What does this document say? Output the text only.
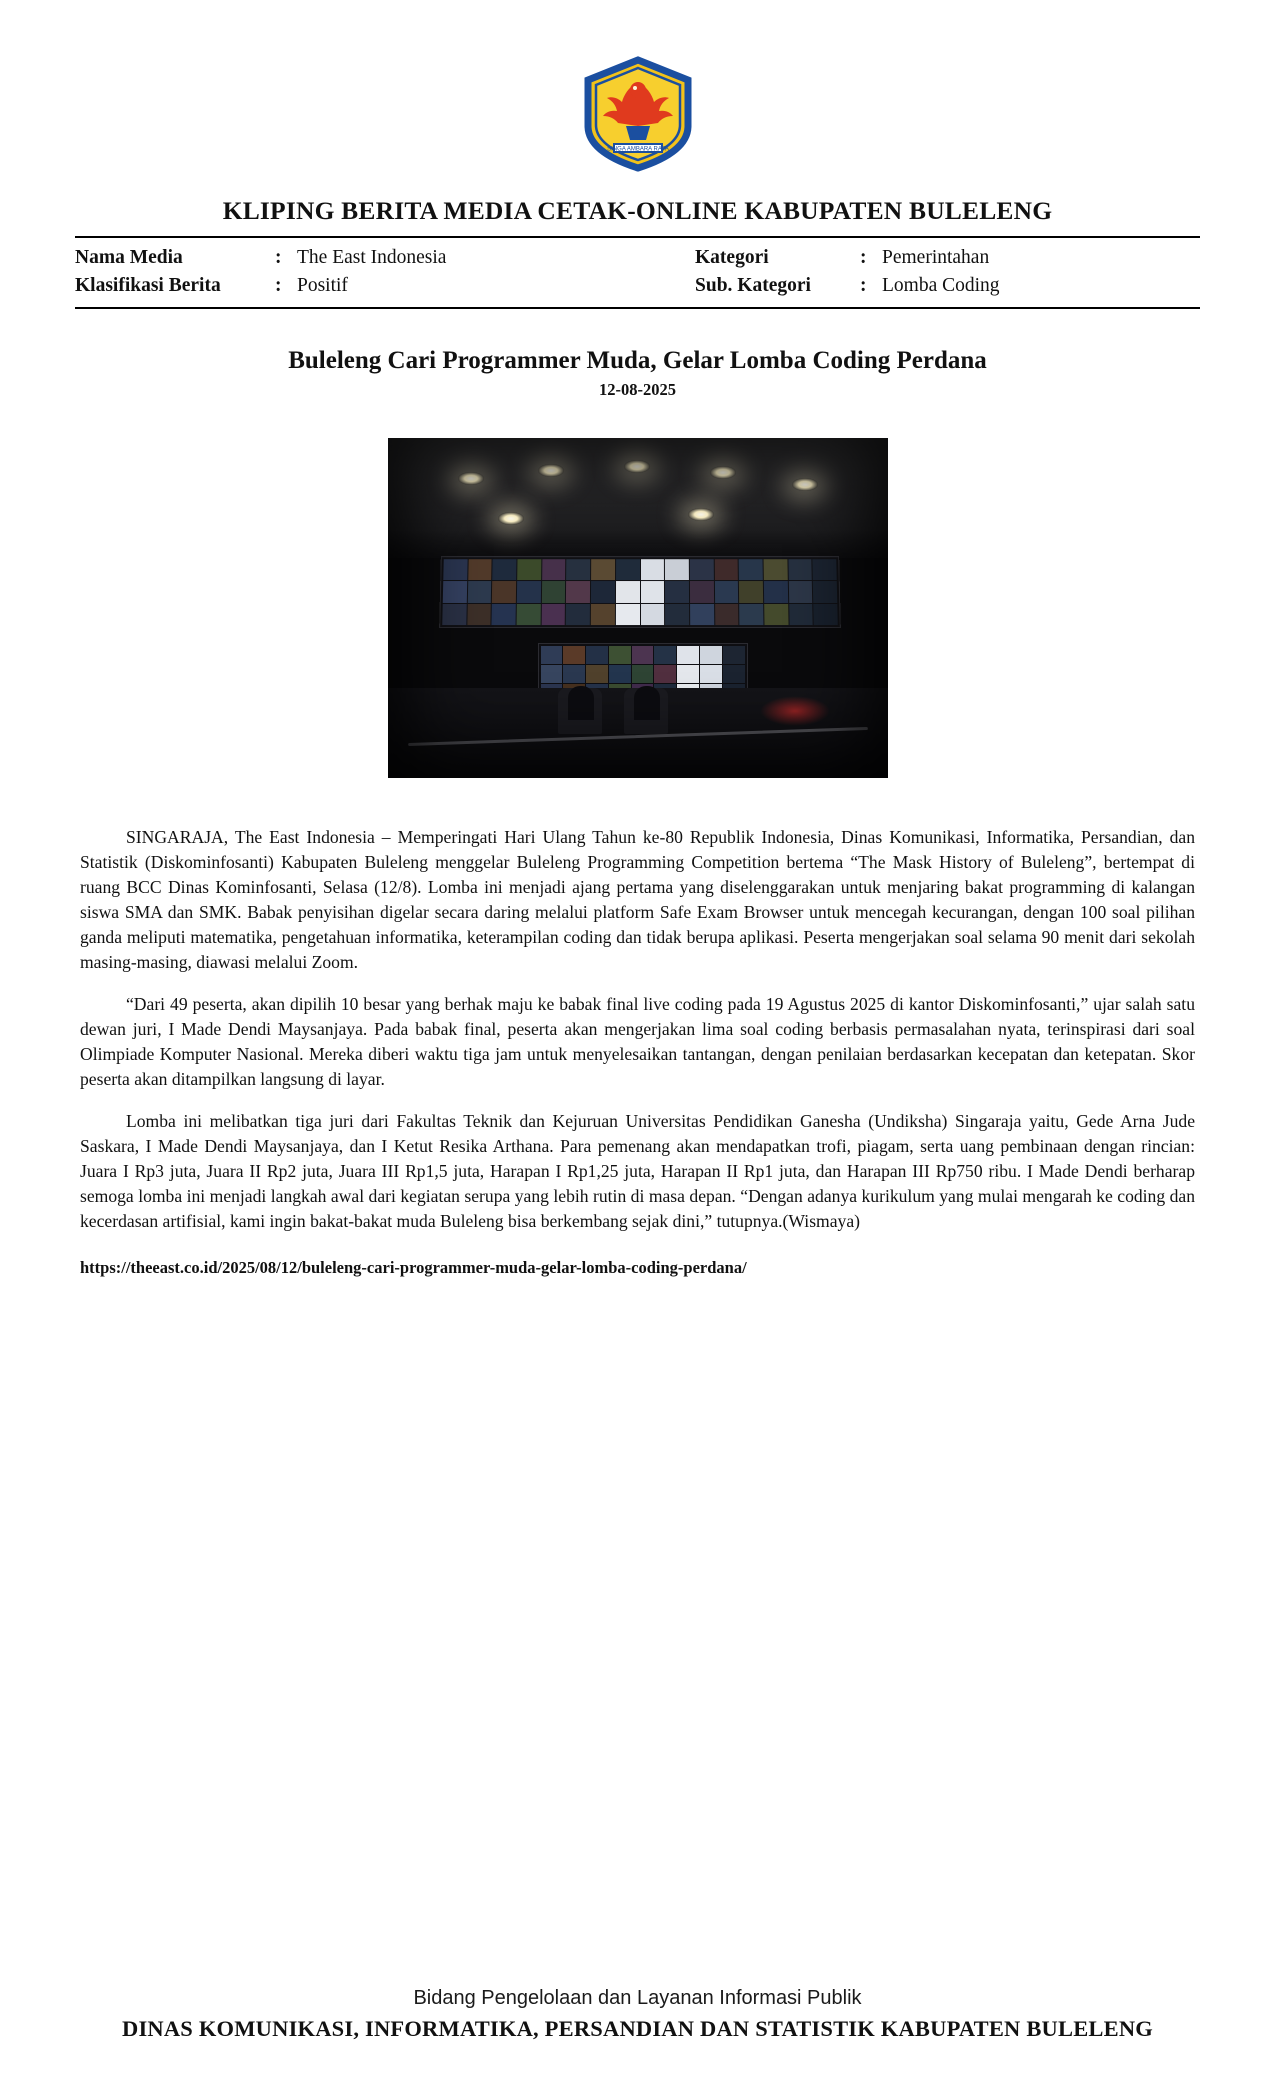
SINGA AMBARA RAJA
KLIPING BERITA MEDIA CETAK-ONLINE KABUPATEN BULELENG
Nama Media	: The East Indonesia	Kategori	: Pemerintahan
Klasifikasi Berita	: Positif	Sub. Kategori	: Lomba Coding
Buleleng Cari Programmer Muda, Gelar Lomba Coding Perdana
12-08-2025

SINGARAJA, The East Indonesia – Memperingati Hari Ulang Tahun ke-80 Republik Indonesia, Dinas Komunikasi, Informatika, Persandian, dan Statistik (Diskominfosanti) Kabupaten Buleleng menggelar Buleleng Programming Competition bertema “The Mask History of Buleleng”, bertempat di ruang BCC Dinas Kominfosanti, Selasa (12/8). Lomba ini menjadi ajang pertama yang diselenggarakan untuk menjaring bakat programming di kalangan siswa SMA dan SMK. Babak penyisihan digelar secara daring melalui platform Safe Exam Browser untuk mencegah kecurangan, dengan 100 soal pilihan ganda meliputi matematika, pengetahuan informatika, keterampilan coding dan tidak berupa aplikasi. Peserta mengerjakan soal selama 90 menit dari sekolah masing-masing, diawasi melalui Zoom.

“Dari 49 peserta, akan dipilih 10 besar yang berhak maju ke babak final live coding pada 19 Agustus 2025 di kantor Diskominfosanti,” ujar salah satu dewan juri, I Made Dendi Maysanjaya. Pada babak final, peserta akan mengerjakan lima soal coding berbasis permasalahan nyata, terinspirasi dari soal Olimpiade Komputer Nasional. Mereka diberi waktu tiga jam untuk menyelesaikan tantangan, dengan penilaian berdasarkan kecepatan dan ketepatan. Skor peserta akan ditampilkan langsung di layar.

Lomba ini melibatkan tiga juri dari Fakultas Teknik dan Kejuruan Universitas Pendidikan Ganesha (Undiksha) Singaraja yaitu, Gede Arna Jude Saskara, I Made Dendi Maysanjaya, dan I Ketut Resika Arthana. Para pemenang akan mendapatkan trofi, piagam, serta uang pembinaan dengan rincian: Juara I Rp3 juta, Juara II Rp2 juta, Juara III Rp1,5 juta, Harapan I Rp1,25 juta, Harapan II Rp1 juta, dan Harapan III Rp750 ribu. I Made Dendi berharap semoga lomba ini menjadi langkah awal dari kegiatan serupa yang lebih rutin di masa depan. “Dengan adanya kurikulum yang mulai mengarah ke coding dan kecerdasan artifisial, kami ingin bakat-bakat muda Buleleng bisa berkembang sejak dini,” tutupnya.(Wismaya)

https://theeast.co.id/2025/08/12/buleleng-cari-programmer-muda-gelar-lomba-coding-perdana/
Bidang Pengelolaan dan Layanan Informasi Publik
DINAS KOMUNIKASI, INFORMATIKA, PERSANDIAN DAN STATISTIK KABUPATEN BULELENG
